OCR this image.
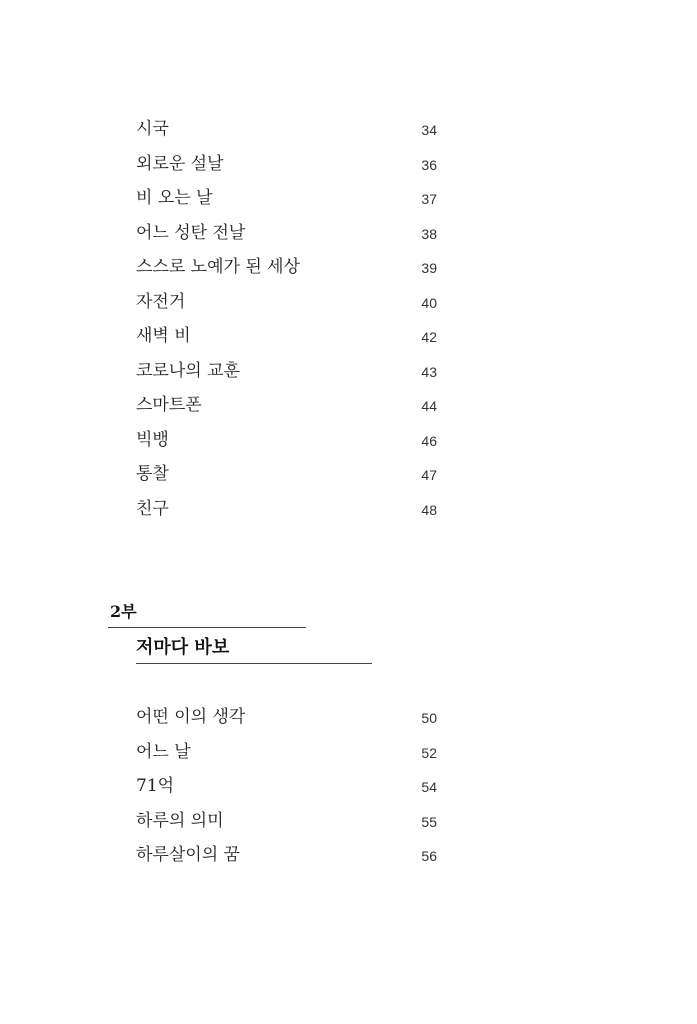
시국	34
외로운 설날	36
비 오는 날	37
어느 성탄 전날	38
스스로 노예가 된 세상	39
자전거	40
새벽 비	42
코로나의 교훈	43
스마트폰	44
빅뱅	46
통찰	47
친구	48
2부
저마다 바보
어떤 이의 생각	50
어느 날	52
71억	54
하루의 의미	55
하루살이의 꿈	56
